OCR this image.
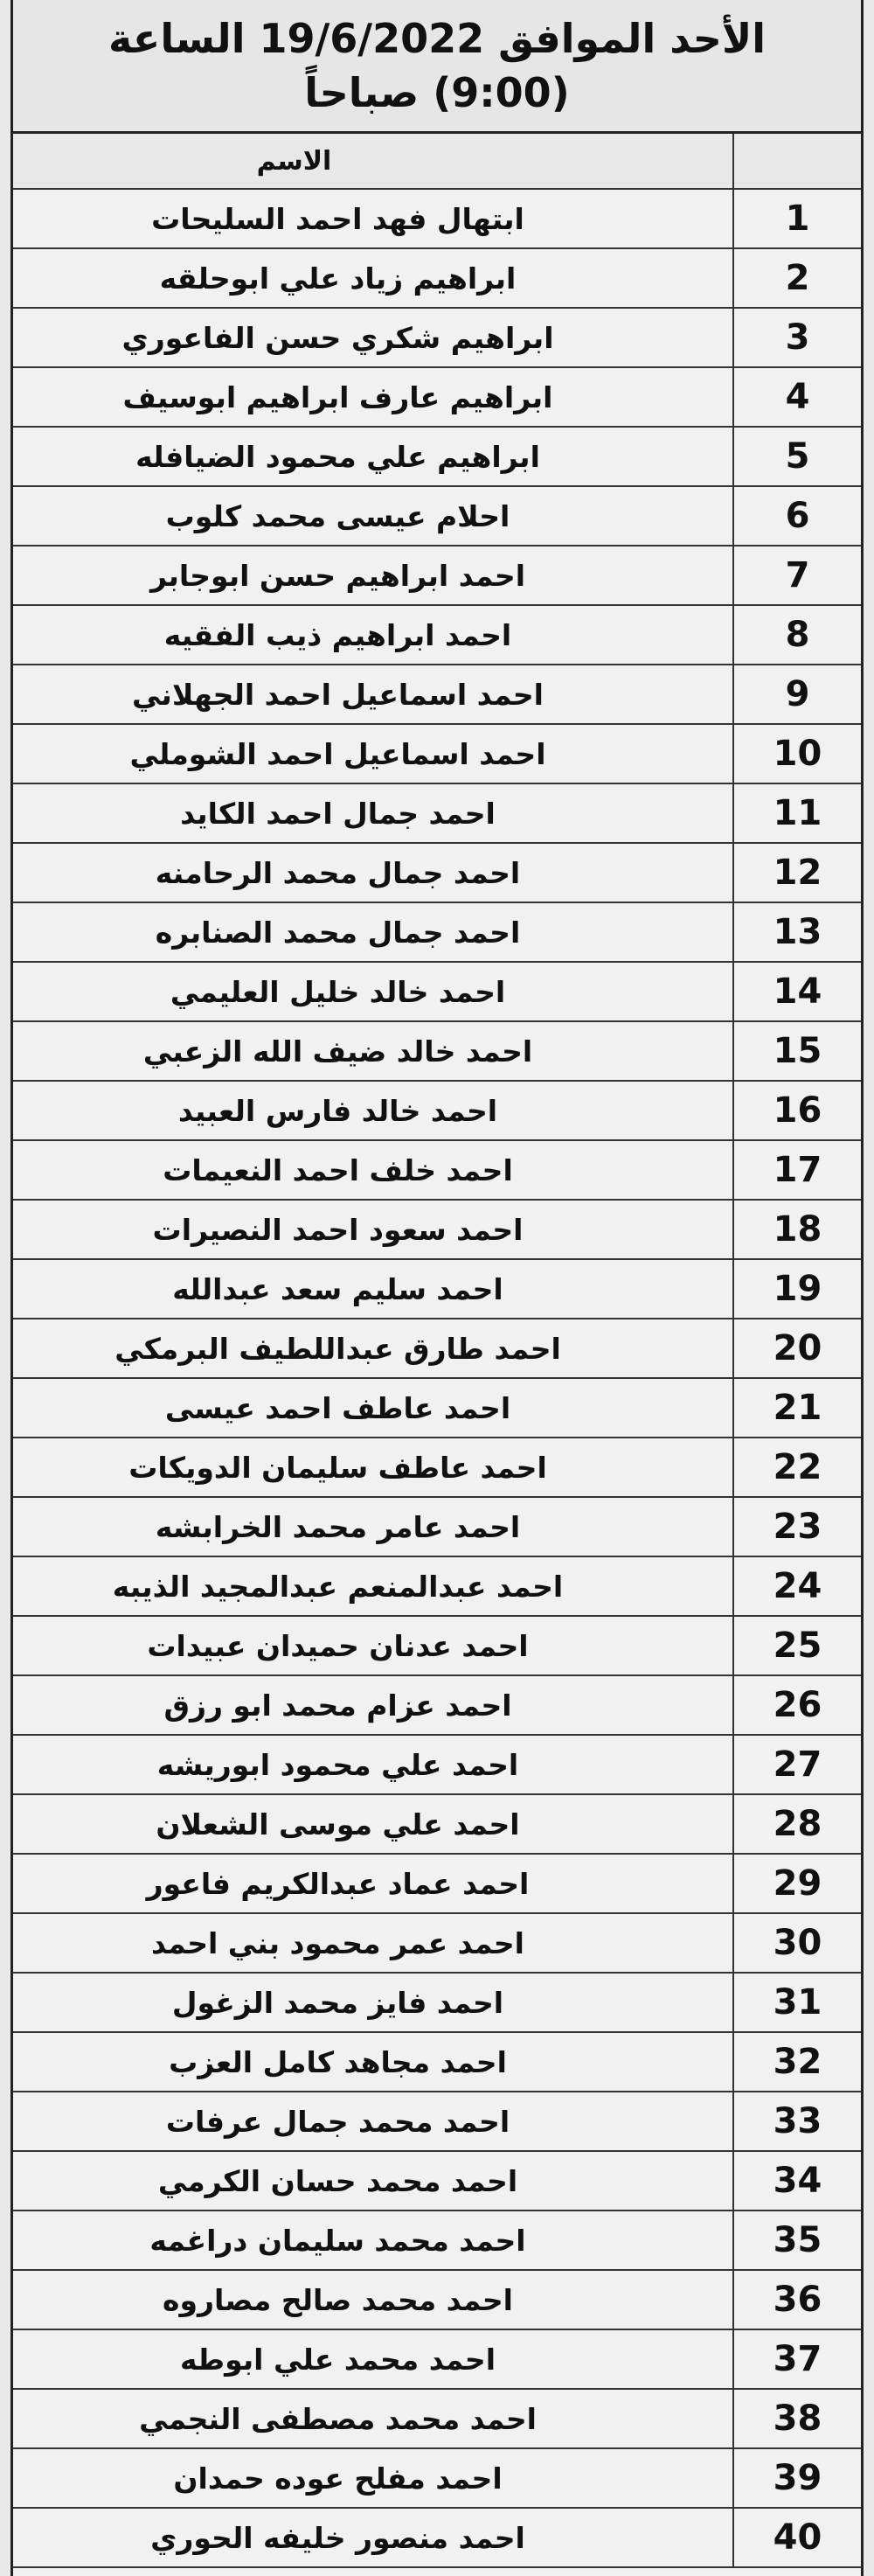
الأحد الموافق 19/6/2022 الساعة
(9:00) صباحاً
الاسم	
ابتهال فهد احمد السليحات	1
ابراهيم زياد علي ابوحلقه	2
ابراهيم شكري حسن الفاعوري	3
ابراهيم عارف ابراهيم ابوسيف	4
ابراهيم علي محمود الضيافله	5
احلام عيسى محمد كلوب	6
احمد ابراهيم حسن ابوجابر	7
احمد ابراهيم ذيب الفقيه	8
احمد اسماعيل احمد الجهلاني	9
احمد اسماعيل احمد الشوملي	10
احمد جمال احمد الكايد	11
احمد جمال محمد الرحامنه	12
احمد جمال محمد الصنابره	13
احمد خالد خليل العليمي	14
احمد خالد ضيف الله الزعبي	15
احمد خالد فارس العبيد	16
احمد خلف احمد النعيمات	17
احمد سعود احمد النصيرات	18
احمد سليم سعد عبدالله	19
احمد طارق عبداللطيف البرمكي	20
احمد عاطف احمد عيسى	21
احمد عاطف سليمان الدويكات	22
احمد عامر محمد الخرابشه	23
احمد عبدالمنعم عبدالمجيد الذيبه	24
احمد عدنان حميدان عبيدات	25
احمد عزام محمد ابو رزق	26
احمد علي محمود ابوريشه	27
احمد علي موسى الشعلان	28
احمد عماد عبدالكريم فاعور	29
احمد عمر محمود بني احمد	30
احمد فايز محمد الزغول	31
احمد مجاهد كامل العزب	32
احمد محمد جمال عرفات	33
احمد محمد حسان الكرمي	34
احمد محمد سليمان دراغمه	35
احمد محمد صالح مصاروه	36
احمد محمد علي ابوطه	37
احمد محمد مصطفى النجمي	38
احمد مفلح عوده حمدان	39
احمد منصور خليفه الحوري	40
